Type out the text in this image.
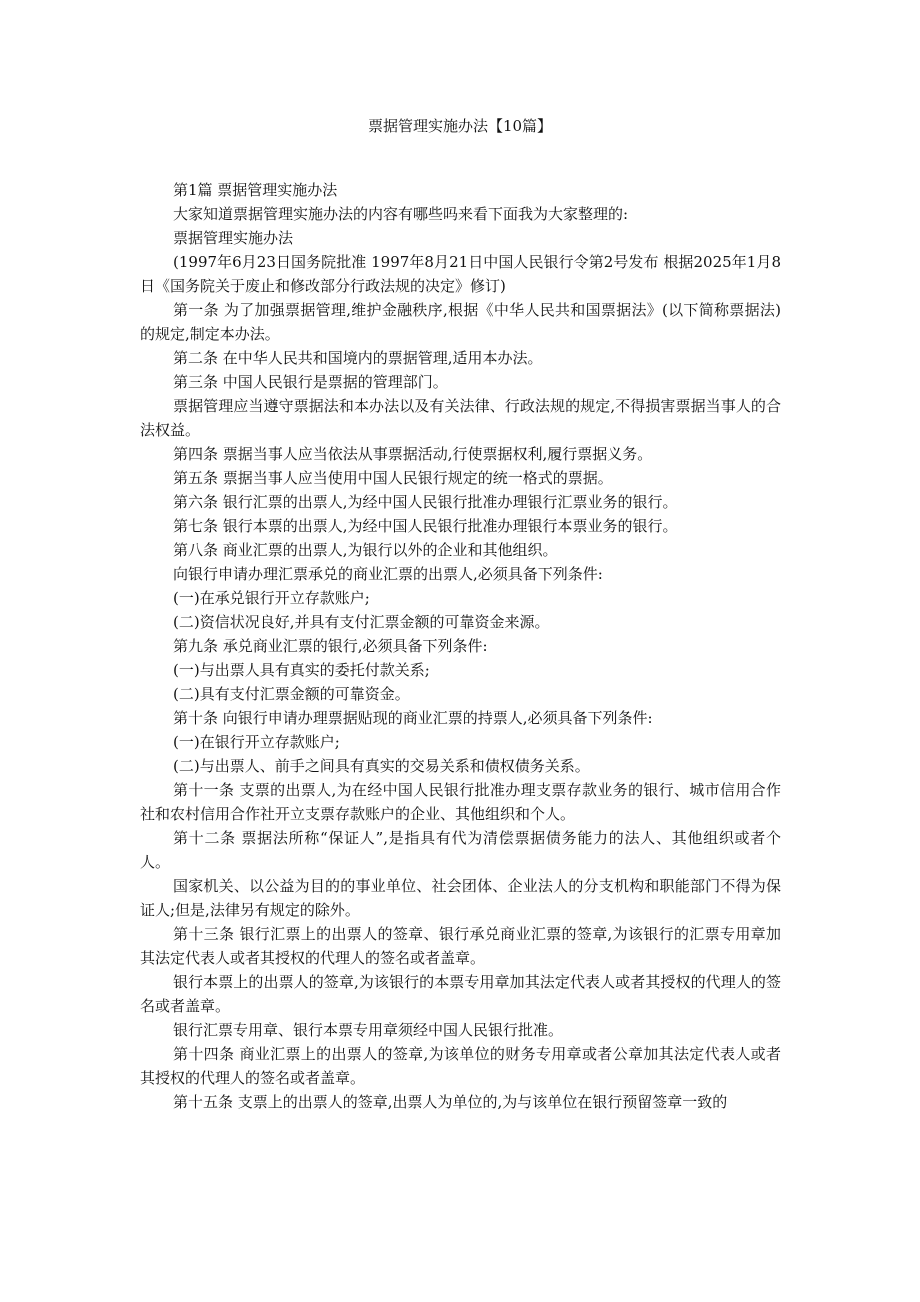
票据管理实施办法【10篇】

第1篇 票据管理实施办法

大家知道票据管理实施办法的内容有哪些吗来看下面我为大家整理的:

票据管理实施办法

(1997年6月23日国务院批准 1997年8月21日中国人民银行令第2号发布 根据2025年1月8日《国务院关于废止和修改部分行政法规的决定》修订)

第一条 为了加强票据管理,维护金融秩序,根据《中华人民共和国票据法》(以下简称票据法)的规定,制定本办法。

第二条 在中华人民共和国境内的票据管理,适用本办法。

第三条 中国人民银行是票据的管理部门。

票据管理应当遵守票据法和本办法以及有关法律、行政法规的规定,不得损害票据当事人的合法权益。

第四条 票据当事人应当依法从事票据活动,行使票据权利,履行票据义务。

第五条 票据当事人应当使用中国人民银行规定的统一格式的票据。

第六条 银行汇票的出票人,为经中国人民银行批准办理银行汇票业务的银行。

第七条 银行本票的出票人,为经中国人民银行批准办理银行本票业务的银行。

第八条 商业汇票的出票人,为银行以外的企业和其他组织。

向银行申请办理汇票承兑的商业汇票的出票人,必须具备下列条件:

(一)在承兑银行开立存款账户;

(二)资信状况良好,并具有支付汇票金额的可靠资金来源。

第九条 承兑商业汇票的银行,必须具备下列条件:

(一)与出票人具有真实的委托付款关系;

(二)具有支付汇票金额的可靠资金。

第十条 向银行申请办理票据贴现的商业汇票的持票人,必须具备下列条件:

(一)在银行开立存款账户;

(二)与出票人、前手之间具有真实的交易关系和债权债务关系。

第十一条 支票的出票人,为在经中国人民银行批准办理支票存款业务的银行、城市信用合作社和农村信用合作社开立支票存款账户的企业、其他组织和个人。

第十二条 票据法所称“保证人”,是指具有代为清偿票据债务能力的法人、其他组织或者个人。

国家机关、以公益为目的的事业单位、社会团体、企业法人的分支机构和职能部门不得为保证人;但是,法律另有规定的除外。

第十三条 银行汇票上的出票人的签章、银行承兑商业汇票的签章,为该银行的汇票专用章加其法定代表人或者其授权的代理人的签名或者盖章。

银行本票上的出票人的签章,为该银行的本票专用章加其法定代表人或者其授权的代理人的签名或者盖章。

银行汇票专用章、银行本票专用章须经中国人民银行批准。

第十四条 商业汇票上的出票人的签章,为该单位的财务专用章或者公章加其法定代表人或者其授权的代理人的签名或者盖章。

第十五条 支票上的出票人的签章,出票人为单位的,为与该单位在银行预留签章一致的
